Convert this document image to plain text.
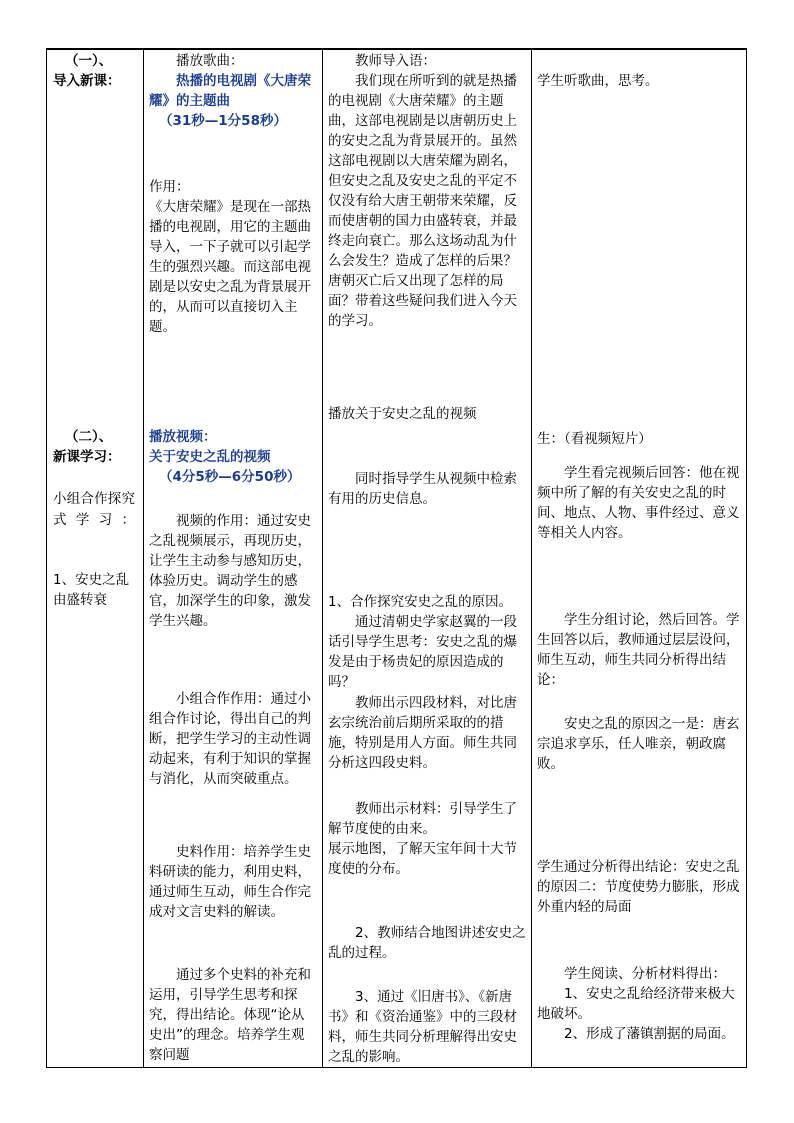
（一）、

导入新课：

（二）、

新课学习：

小组合作探究式学习：

1、安史之乱由盛转衰

播放歌曲：

热播的电视剧《大唐荣耀》的主题曲

（31秒—1分58秒）

作用：

《大唐荣耀》是现在一部热播的电视剧，用它的主题曲导入，一下子就可以引起学生的强烈兴趣。而这部电视剧是以安史之乱为背景展开的，从而可以直接切入主题。

播放视频：

关于安史之乱的视频

（4分5秒—6分50秒）

视频的作用：通过安史之乱视频展示，再现历史，让学生主动参与感知历史，体验历史。调动学生的感官，加深学生的印象，激发学生兴趣。

小组合作作用：通过小组合作讨论，得出自己的判断，把学生学习的主动性调动起来，有利于知识的掌握与消化，从而突破重点。

史料作用：培养学生史料研读的能力，利用史料，通过师生互动，师生合作完成对文言史料的解读。

通过多个史料的补充和运用，引导学生思考和探究，得出结论。体现“论从史出”的理念。培养学生观察问题

教师导入语：

我们现在所听到的就是热播的电视剧《大唐荣耀》的主题曲，这部电视剧是以唐朝历史上的安史之乱为背景展开的。虽然这部电视剧以大唐荣耀为剧名，但安史之乱及安史之乱的平定不仅没有给大唐王朝带来荣耀，反而使唐朝的国力由盛转衰，并最终走向衰亡。那么这场动乱为什么会发生？造成了怎样的后果？唐朝灭亡后又出现了怎样的局面？带着这些疑问我们进入今天的学习。

播放关于安史之乱的视频

同时指导学生从视频中检索有用的历史信息。

1、合作探究安史之乱的原因。

通过清朝史学家赵翼的一段话引导学生思考：安史之乱的爆发是由于杨贵妃的原因造成的吗？

教师出示四段材料，对比唐玄宗统治前后期所采取的的措施，特别是用人方面。师生共同分析这四段史料。

教师出示材料：引导学生了解节度使的由来。

展示地图，了解天宝年间十大节度使的分布。

2、教师结合地图讲述安史之乱的过程。

3、通过《旧唐书》、《新唐书》和《资治通鉴》中的三段材料，师生共同分析理解得出安史之乱的影响。

学生听歌曲，思考。

生：（看视频短片）

学生看完视频后回答：他在视频中所了解的有关安史之乱的时间、地点、人物、事件经过、意义等相关人内容。

学生分组讨论，然后回答。学生回答以后，教师通过层层设问，师生互动，师生共同分析得出结论：

安史之乱的原因之一是：唐玄宗追求享乐，任人唯亲，朝政腐败。

学生通过分析得出结论：安史之乱的原因二：节度使势力膨胀，形成外重内轻的局面

学生阅读、分析材料得出：

1、安史之乱给经济带来极大地破坏。

2、形成了藩镇割据的局面。
